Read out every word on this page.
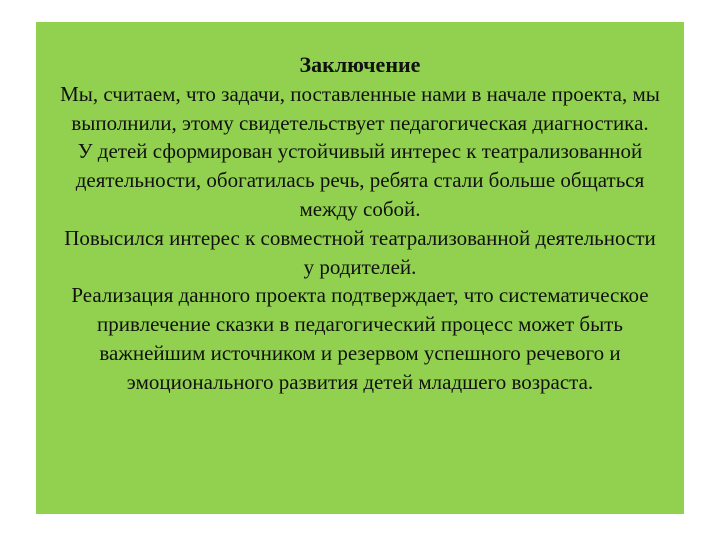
Заключение

Мы, считаем, что задачи, поставленные нами в начале проекта, мы выполнили, этому свидетельствует педагогическая диагностика.

У детей сформирован устойчивый интерес к театрализованной деятельности, обогатилась речь, ребята стали больше общаться между собой.

Повысился интерес к совместной театрализованной деятельности у родителей.

Реализация данного проекта подтверждает, что систематическое привлечение сказки в педагогический процесс может быть важнейшим источником и резервом успешного речевого и эмоционального развития детей младшего возраста.
